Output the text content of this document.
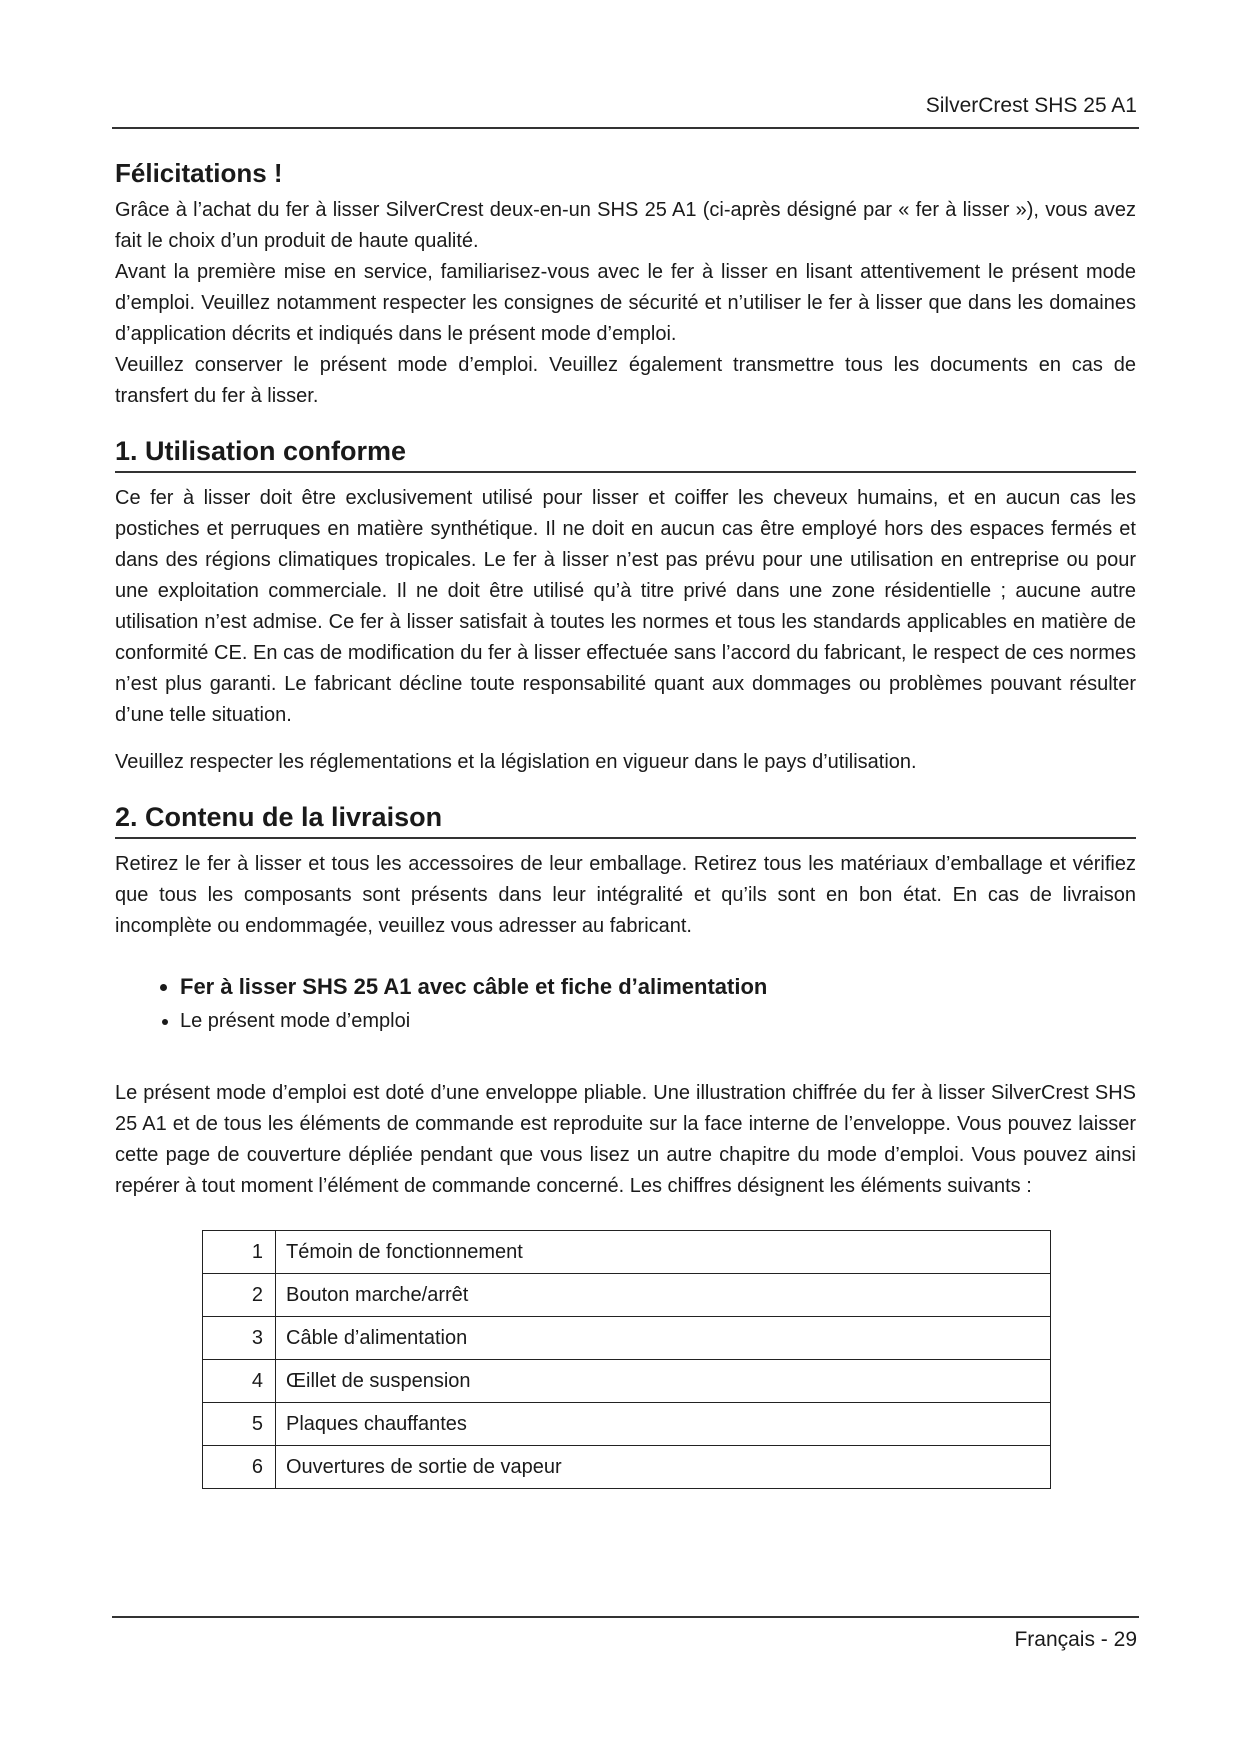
SilverCrest SHS 25 A1
Félicitations !

Grâce à l’achat du fer à lisser SilverCrest deux-en-un SHS 25 A1 (ci-après désigné par « fer à lisser »), vous avez fait le choix d’un produit de haute qualité.

Avant la première mise en service, familiarisez-vous avec le fer à lisser en lisant attentivement le présent mode d’emploi. Veuillez notamment respecter les consignes de sécurité et n’utiliser le fer à lisser que dans les domaines d’application décrits et indiqués dans le présent mode d’emploi.

Veuillez conserver le présent mode d’emploi. Veuillez également transmettre tous les documents en cas de transfert du fer à lisser.

1. Utilisation conforme

Ce fer à lisser doit être exclusivement utilisé pour lisser et coiffer les cheveux humains, et en aucun cas les postiches et perruques en matière synthétique. Il ne doit en aucun cas être employé hors des espaces fermés et dans des régions climatiques tropicales. Le fer à lisser n’est pas prévu pour une utilisation en entreprise ou pour une exploitation commerciale. Il ne doit être utilisé qu’à titre privé dans une zone résidentielle ; aucune autre utilisation n’est admise. Ce fer à lisser satisfait à toutes les normes et tous les standards applicables en matière de conformité CE. En cas de modification du fer à lisser effectuée sans l’accord du fabricant, le respect de ces normes n’est plus garanti. Le fabricant décline toute responsabilité quant aux dommages ou problèmes pouvant résulter d’une telle situation.

Veuillez respecter les réglementations et la législation en vigueur dans le pays d’utilisation.

2. Contenu de la livraison

Retirez le fer à lisser et tous les accessoires de leur emballage. Retirez tous les matériaux d’emballage et vérifiez que tous les composants sont présents dans leur intégralité et qu’ils sont en bon état. En cas de livraison incomplète ou endommagée, veuillez vous adresser au fabricant.

• Fer à lisser SHS 25 A1 avec câble et fiche d’alimentation
• Le présent mode d’emploi

Le présent mode d’emploi est doté d’une enveloppe pliable. Une illustration chiffrée du fer à lisser SilverCrest SHS 25 A1 et de tous les éléments de commande est reproduite sur la face interne de l’enveloppe. Vous pouvez laisser cette page de couverture dépliée pendant que vous lisez un autre chapitre du mode d’emploi. Vous pouvez ainsi repérer à tout moment l’élément de commande concerné. Les chiffres désignent les éléments suivants :

1	Témoin de fonctionnement
2	Bouton marche/arrêt
3	Câble d’alimentation
4	Œillet de suspension
5	Plaques chauffantes
6	Ouvertures de sortie de vapeur
Français - 29
